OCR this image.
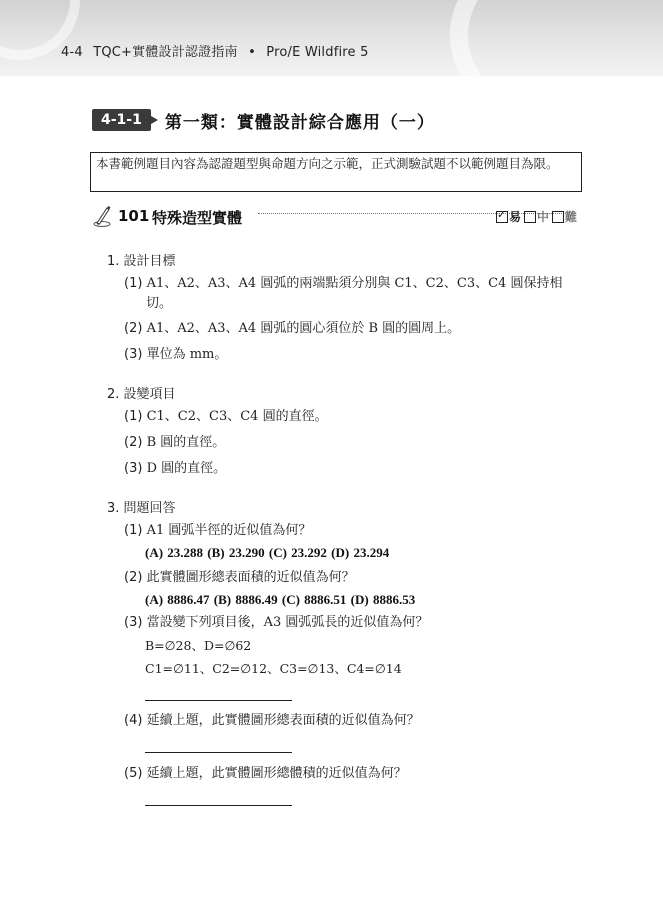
4-4 TQC+實體設計認證指南 • Pro/E Wildfire 5
4-1-1	第一類：實體設計綜合應用（一）
本書範例題目內容為認證題型與命題方向之示範，正式測驗試題不以範例題目為限。
101 特殊造型實體
✓	易 中 難
1. 設計目標
(1) A1、A2、A3、A4 圓弧的兩端點須分別與 C1、C2、C3、C4 圓保持相
切。
(2) A1、A2、A3、A4 圓弧的圓心須位於 B 圓的圓周上。
(3) 單位為 mm。
2. 設變項目
(1) C1、C2、C3、C4 圓的直徑。
(2) B 圓的直徑。
(3) D 圓的直徑。
3. 問題回答
(1) A1 圓弧半徑的近似值為何？
(A) 23.288 (B) 23.290 (C) 23.292 (D) 23.294
(2) 此實體圖形總表面積的近似值為何？
(A) 8886.47 (B) 8886.49 (C) 8886.51 (D) 8886.53
(3) 當設變下列項目後，A3 圓弧弧長的近似值為何？
B=∅28、D=∅62
C1=∅11、C2=∅12、C3=∅13、C4=∅14
(4) 延續上題，此實體圖形總表面積的近似值為何？
(5) 延續上題，此實體圖形總體積的近似值為何？
